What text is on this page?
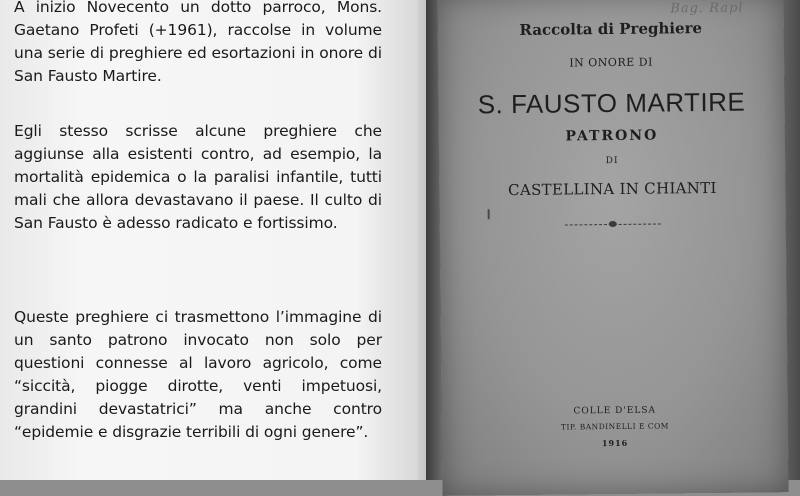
A inizio Novecento un dotto parroco, Mons. Gaetano Profeti (+1961), raccolse in volume una serie di preghiere ed esortazioni in onore di San Fausto Martire.

Egli stesso scrisse alcune preghiere che aggiunse alla esistenti contro, ad esempio, la mortalità epidemica o la paralisi infantile, tutti mali che allora devastavano il paese. Il culto di San Fausto è adesso radicato e fortissimo.

Queste preghiere ci trasmettono l’immagine di un santo patrono invocato non solo per questioni connesse al lavoro agricolo, come “siccità, piogge dirotte, venti impetuosi, grandini devastatrici” ma anche contro “epidemie e disgrazie terribili di ogni genere”.

Bag. Rapl

Raccolta di Preghiere

IN ONORE DI

S. FAUSTO MARTIRE

PATRONO

DI

CASTELLINA IN CHIANTI

COLLE D'ELSA

TIP. BANDINELLI E COM

1916
